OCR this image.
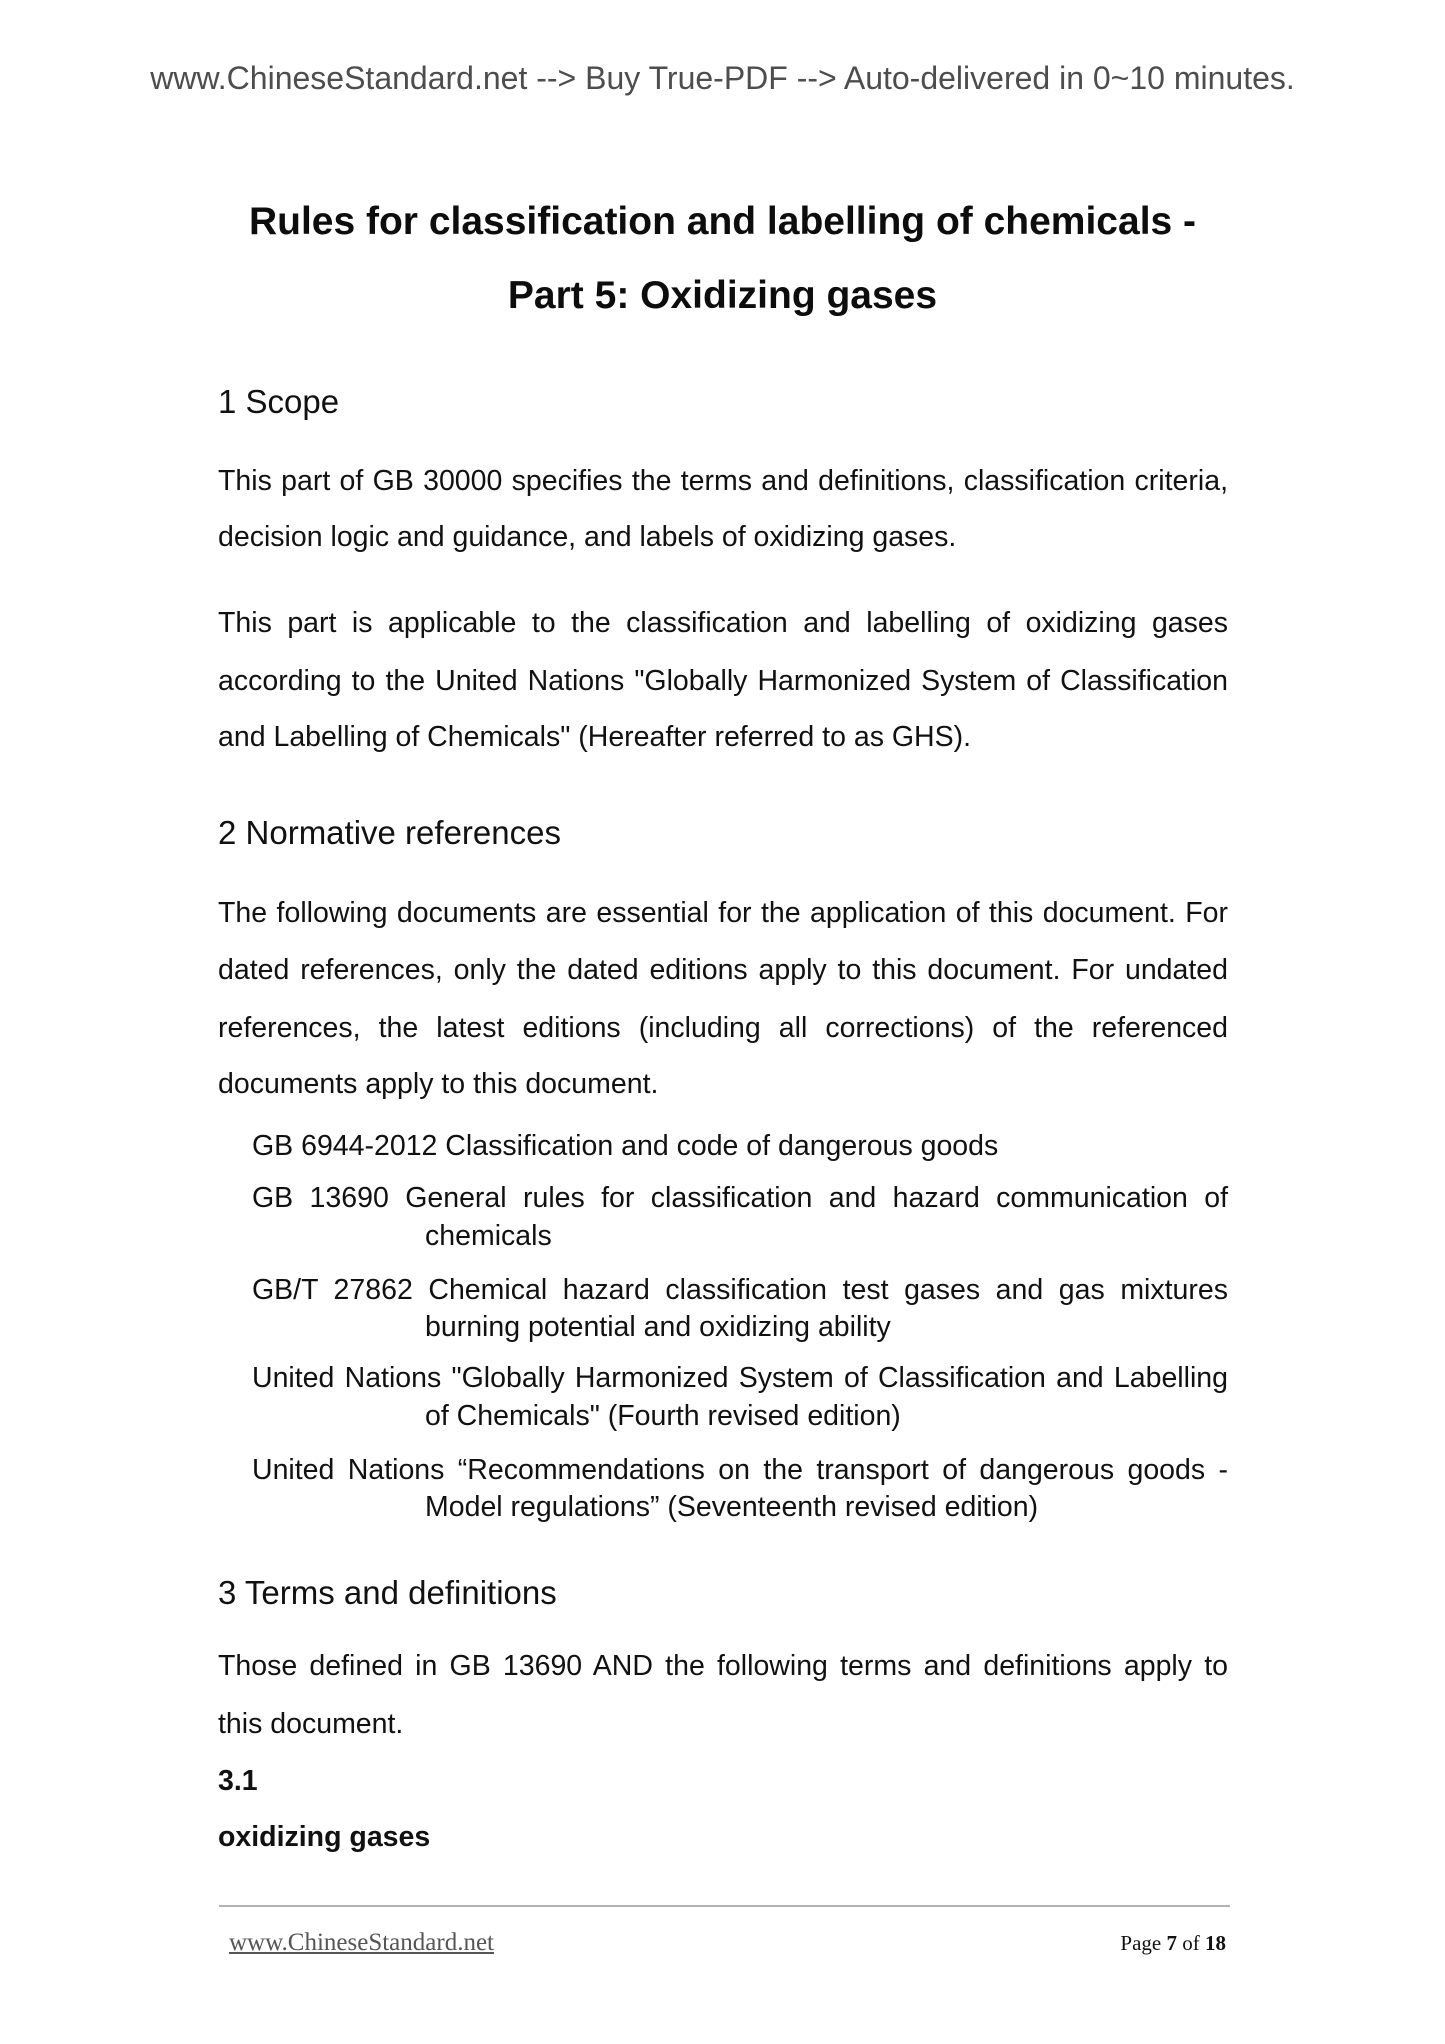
www.ChineseStandard.net --> Buy True-PDF --> Auto-delivered in 0~10 minutes.
Rules for classification and labelling of chemicals -
Part 5: Oxidizing gases
1 Scope
This part of GB 30000 specifies the terms and definitions, classification criteria,
decision logic and guidance, and labels of oxidizing gases.
This part is applicable to the classification and labelling of oxidizing gases
according to the United Nations "Globally Harmonized System of Classification
and Labelling of Chemicals" (Hereafter referred to as GHS).
2 Normative references
The following documents are essential for the application of this document. For
dated references, only the dated editions apply to this document. For undated
references, the latest editions (including all corrections) of the referenced
documents apply to this document.
GB 6944-2012 Classification and code of dangerous goods
GB 13690 General rules for classification and hazard communication of
chemicals
GB/T 27862 Chemical hazard classification test gases and gas mixtures
burning potential and oxidizing ability
United Nations "Globally Harmonized System of Classification and Labelling
of Chemicals" (Fourth revised edition)
United Nations “Recommendations on the transport of dangerous goods -
Model regulations” (Seventeenth revised edition)
3 Terms and definitions
Those defined in GB 13690 AND the following terms and definitions apply to
this document.
3.1
oxidizing gases
www.ChineseStandard.net	Page 7 of 18
